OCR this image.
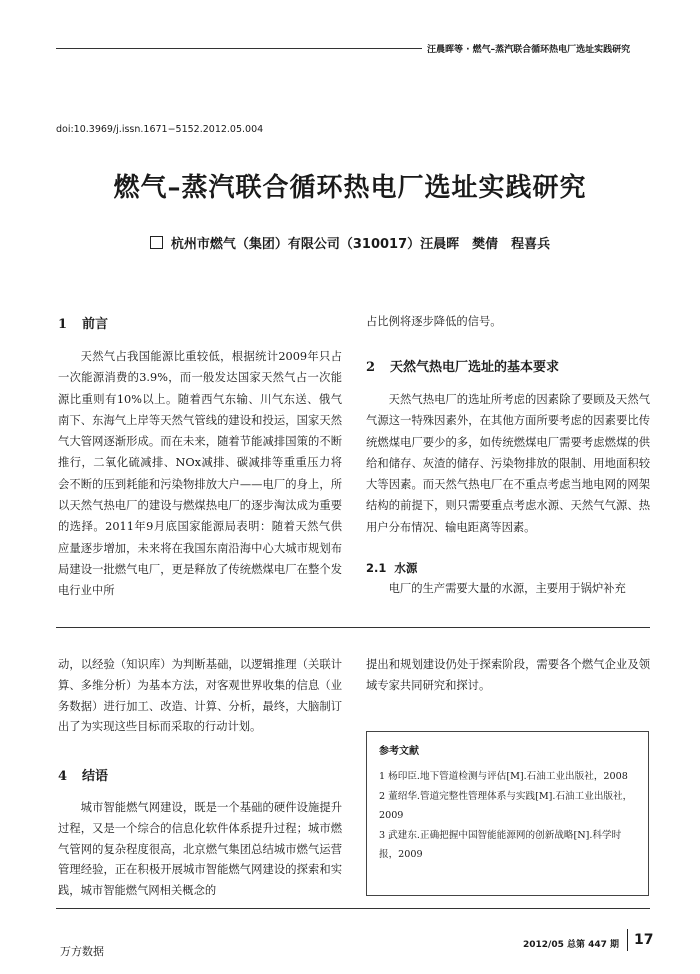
汪晨晖等 · 燃气–蒸汽联合循环热电厂选址实践研究
doi:10.3969/j.issn.1671−5152.2012.05.004
燃气–蒸汽联合循环热电厂选址实践研究
杭州市燃气（集团）有限公司（310017）汪晨晖　樊倩　程喜兵
1 前言

天然气占我国能源比重较低，根据统计2009年只占一次能源消费的3.9%，而一般发达国家天然气占一次能源比重则有10%以上。随着西气东输、川气东送、俄气南下、东海气上岸等天然气管线的建设和投运，国家天然气大管网逐渐形成。而在未来，随着节能减排国策的不断推行，二氧化硫减排、NOx减排、碳减排等重重压力将会不断的压到耗能和污染物排放大户——电厂的身上，所以天然气热电厂的建设与燃煤热电厂的逐步淘汰成为重要的选择。2011年9月底国家能源局表明：随着天然气供应量逐步增加，未来将在我国东南沿海中心大城市规划布局建设一批燃气电厂，更是释放了传统燃煤电厂在整个发电行业中所

占比例将逐步降低的信号。

2 天然气热电厂选址的基本要求

天然气热电厂的选址所考虑的因素除了要顾及天然气气源这一特殊因素外，在其他方面所要考虑的因素要比传统燃煤电厂要少的多，如传统燃煤电厂需要考虑燃煤的供给和储存、灰渣的储存、污染物排放的限制、用地面积较大等因素。而天然气热电厂在不重点考虑当地电网的网架结构的前提下，则只需要重点考虑水源、天然气气源、热用户分布情况、输电距离等因素。

2.1 水源

电厂的生产需要大量的水源，主要用于锅炉补充

动，以经验（知识库）为判断基础，以逻辑推理（关联计算、多维分析）为基本方法，对客观世界收集的信息（业务数据）进行加工、改造、计算、分析，最终，大脑制订出了为实现这些目标而采取的行动计划。

4 结语

城市智能燃气网建设，既是一个基础的硬件设施提升过程，又是一个综合的信息化软件体系提升过程；城市燃气管网的复杂程度很高，北京燃气集团总结城市燃气运营管理经验，正在积极开展城市智能燃气网建设的探索和实践，城市智能燃气网相关概念的

提出和规划建设仍处于探索阶段，需要各个燃气企业及领域专家共同研究和探讨。

参考文献
1 杨印臣.地下管道检测与评估[M].石油工业出版社，2008
2 董绍华.管道完整性管理体系与实践[M].石油工业出版社，2009
3 武建东.正确把握中国智能能源网的创新战略[N].科学时报，2009
万方数据	2012/05 总第 447 期 17
